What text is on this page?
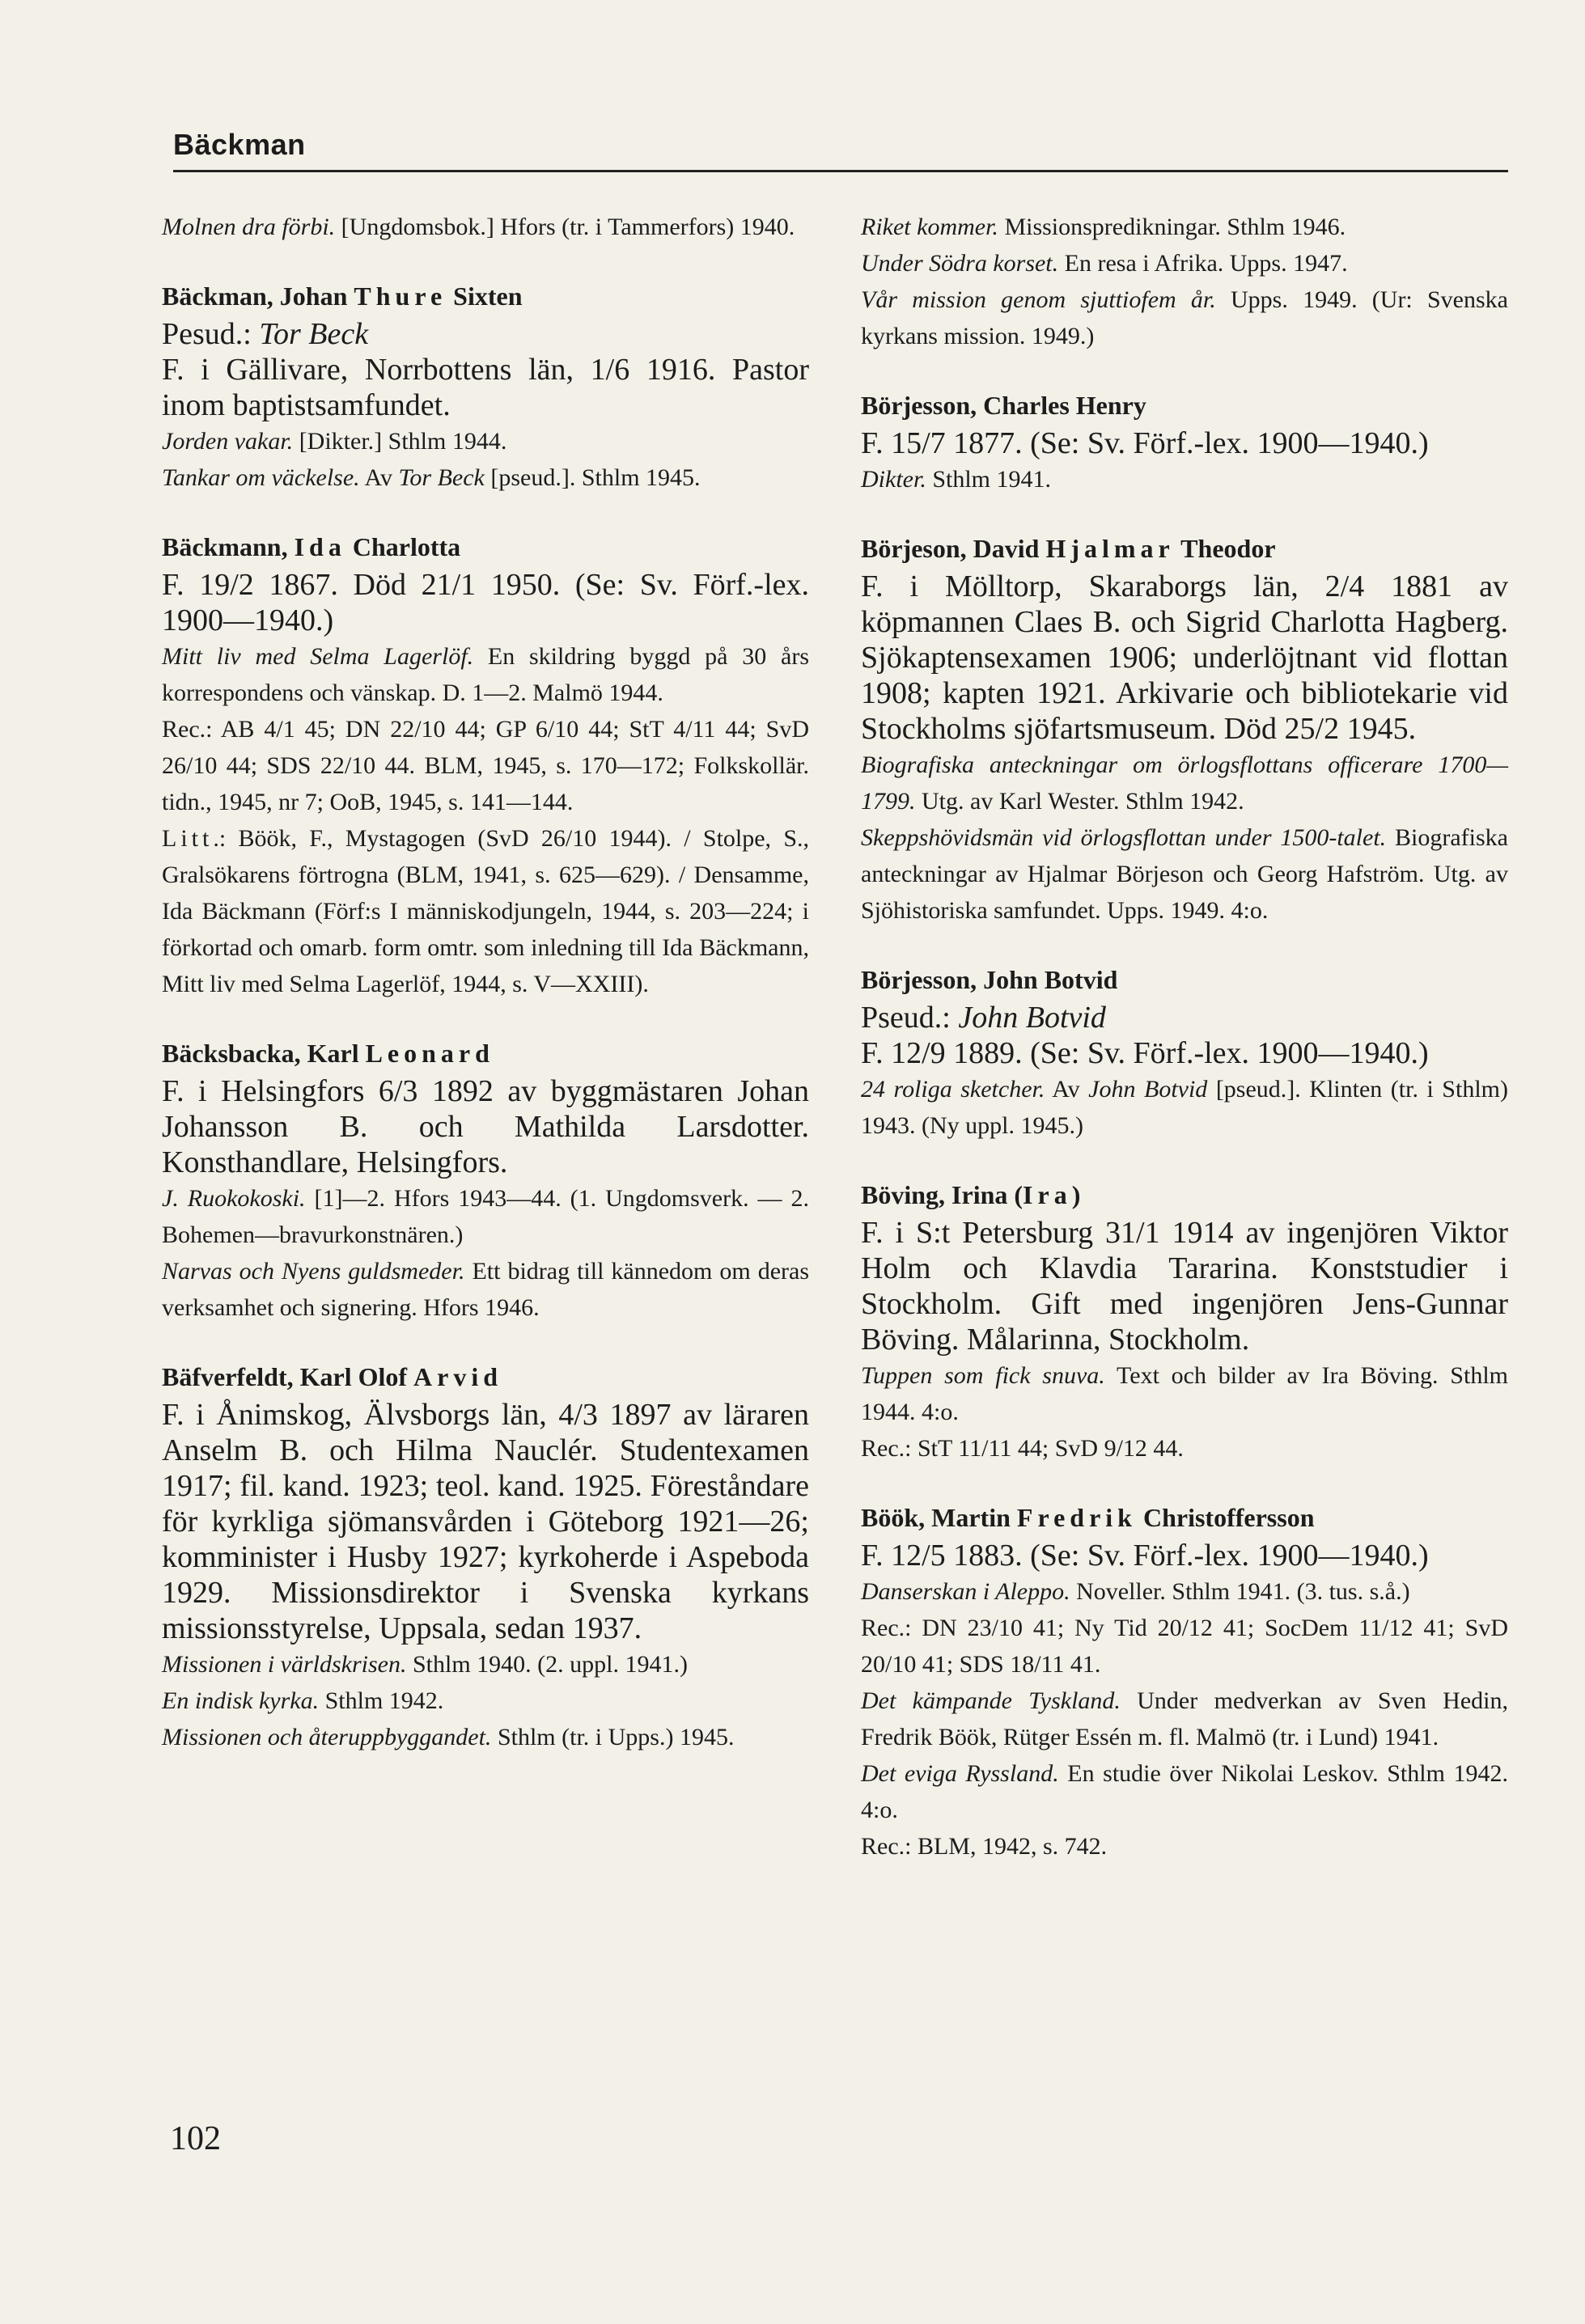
Bäckman
Molnen dra förbi. [Ungdomsbok.] Hfors (tr. i Tammerfors) 1940.
Bäckman, Johan Thure Sixten
Pesud.: Tor Beck
F. i Gällivare, Norrbottens län, 1/6 1916. Pastor inom baptistsamfundet.
Jorden vakar. [Dikter.] Sthlm 1944.
Tankar om väckelse. Av Tor Beck [pseud.]. Sthlm 1945.
Bäckmann, Ida Charlotta
F. 19/2 1867. Död 21/1 1950. (Se: Sv. Förf.-lex. 1900—1940.)
Mitt liv med Selma Lagerlöf. En skildring byggd på 30 års korrespondens och vänskap. D. 1—2. Malmö 1944.
Rec.: AB 4/1 45; DN 22/10 44; GP 6/10 44; StT 4/11 44; SvD 26/10 44; SDS 22/10 44. BLM, 1945, s. 170—172; Folkskollär. tidn., 1945, nr 7; OoB, 1945, s. 141—144.
Litt.: Böök, F., Mystagogen (SvD 26/10 1944). / Stolpe, S., Gralsökarens förtrogna (BLM, 1941, s. 625—629). / Densamme, Ida Bäckmann (Förf:s I människodjungeln, 1944, s. 203—224; i förkortad och omarb. form omtr. som inledning till Ida Bäckmann, Mitt liv med Selma Lagerlöf, 1944, s. V—XXIII).
Bäcksbacka, Karl Leonard
F. i Helsingfors 6/3 1892 av byggmästaren Johan Johansson B. och Mathilda Larsdotter. Konsthandlare, Helsingfors.
J. Ruokokoski. [1]—2. Hfors 1943—44. (1. Ungdomsverk. — 2. Bohemen—bravurkonstnären.)
Narvas och Nyens guldsmeder. Ett bidrag till kännedom om deras verksamhet och signering. Hfors 1946.
Bäfverfeldt, Karl Olof Arvid
F. i Ånimskog, Älvsborgs län, 4/3 1897 av läraren Anselm B. och Hilma Nauclér. Studentexamen 1917; fil. kand. 1923; teol. kand. 1925. Föreståndare för kyrkliga sjömansvården i Göteborg 1921—26; komminister i Husby 1927; kyrkoherde i Aspeboda 1929. Missionsdirektor i Svenska kyrkans missionsstyrelse, Uppsala, sedan 1937.
Missionen i världskrisen. Sthlm 1940. (2. uppl. 1941.)
En indisk kyrka. Sthlm 1942.
Missionen och återuppbyggandet. Sthlm (tr. i Upps.) 1945.
Riket kommer. Missionspredikningar. Sthlm 1946.
Under Södra korset. En resa i Afrika. Upps. 1947.
Vår mission genom sjuttiofem år. Upps. 1949. (Ur: Svenska kyrkans mission. 1949.)
Börjesson, Charles Henry
F. 15/7 1877. (Se: Sv. Förf.-lex. 1900—1940.)
Dikter. Sthlm 1941.
Börjeson, David Hjalmar Theodor
F. i Mölltorp, Skaraborgs län, 2/4 1881 av köpmannen Claes B. och Sigrid Charlotta Hagberg. Sjökaptensexamen 1906; underlöjtnant vid flottan 1908; kapten 1921. Arkivarie och bibliotekarie vid Stockholms sjöfartsmuseum. Död 25/2 1945.
Biografiska anteckningar om örlogsflottans officerare 1700—1799. Utg. av Karl Wester. Sthlm 1942.
Skeppshövidsmän vid örlogsflottan under 1500-talet. Biografiska anteckningar av Hjalmar Börjeson och Georg Hafström. Utg. av Sjöhistoriska samfundet. Upps. 1949. 4:o.
Börjesson, John Botvid
Pseud.: John Botvid
F. 12/9 1889. (Se: Sv. Förf.-lex. 1900—1940.)
24 roliga sketcher. Av John Botvid [pseud.]. Klinten (tr. i Sthlm) 1943. (Ny uppl. 1945.)
Böving, Irina (Ira)
F. i S:t Petersburg 31/1 1914 av ingenjören Viktor Holm och Klavdia Tararina. Konststudier i Stockholm. Gift med ingenjören Jens-Gunnar Böving. Målarinna, Stockholm.
Tuppen som fick snuva. Text och bilder av Ira Böving. Sthlm 1944. 4:o.
Rec.: StT 11/11 44; SvD 9/12 44.
Böök, Martin Fredrik Christoffersson
F. 12/5 1883. (Se: Sv. Förf.-lex. 1900—1940.)
Danserskan i Aleppo. Noveller. Sthlm 1941. (3. tus. s.å.)
Rec.: DN 23/10 41; Ny Tid 20/12 41; SocDem 11/12 41; SvD 20/10 41; SDS 18/11 41.
Det kämpande Tyskland. Under medverkan av Sven Hedin, Fredrik Böök, Rütger Essén m. fl. Malmö (tr. i Lund) 1941.
Det eviga Ryssland. En studie över Nikolai Leskov. Sthlm 1942. 4:o.
Rec.: BLM, 1942, s. 742.
102
